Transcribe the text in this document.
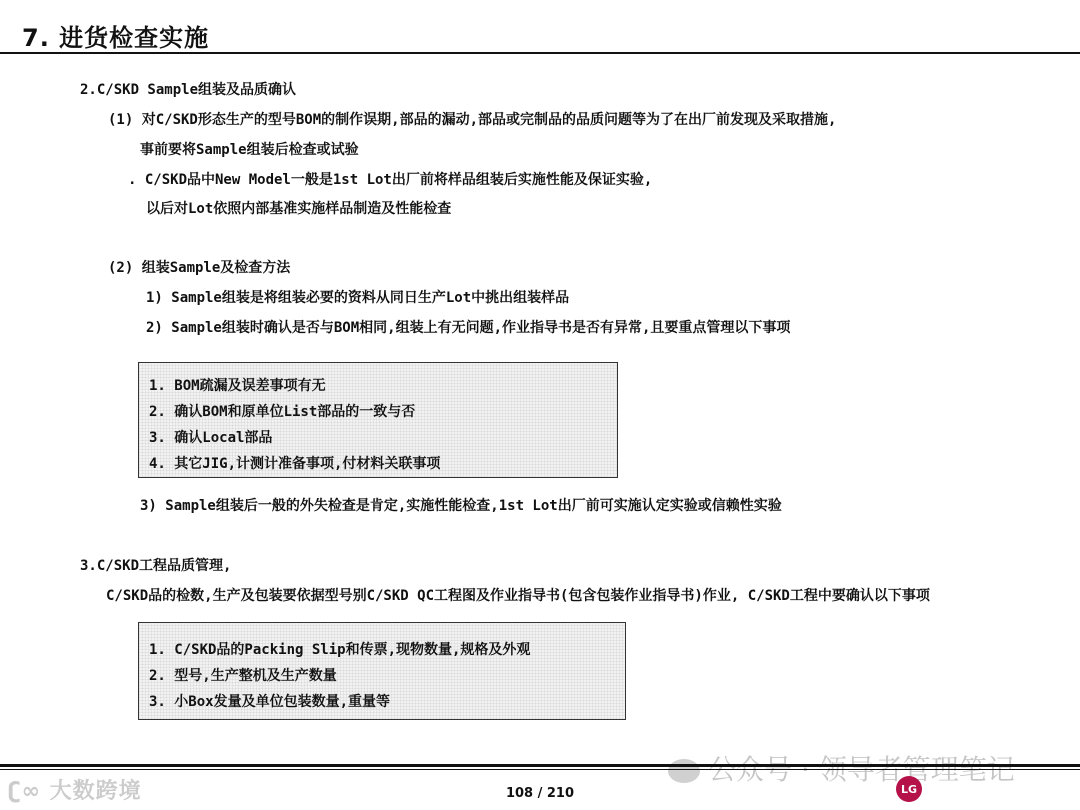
7. 进货检查实施
2.C/SKD Sample组装及品质确认
(1) 对C/SKD形态生产的型号BOM的制作误期,部品的漏动,部品或完制品的品质问题等为了在出厂前发现及采取措施,
事前要将Sample组装后检查或试验
. C/SKD品中New Model一般是1st Lot出厂前将样品组装后实施性能及保证实验,
以后对Lot依照内部基准实施样品制造及性能检查
(2) 组装Sample及检查方法
1) Sample组装是将组装必要的资料从同日生产Lot中挑出组装样品
2) Sample组装时确认是否与BOM相同,组装上有无问题,作业指导书是否有异常,且要重点管理以下事项
1. BOM疏漏及误差事项有无
2. 确认BOM和原单位List部品的一致与否
3. 确认Local部品
4. 其它JIG,计测计准备事项,付材料关联事项
3) Sample组装后一般的外失检查是肯定,实施性能检查,1st Lot出厂前可实施认定实验或信赖性实验
3.C/SKD工程品质管理,
C/SKD品的检数,生产及包装要依据型号别C/SKD QC工程图及作业指导书(包含包装作业指导书)作业, C/SKD工程中要确认以下事项
1. C/SKD品的Packing Slip和传票,现物数量,规格及外观
2. 型号,生产整机及生产数量
3. 小Box发量及单位包装数量,重量等
ʗ∞ 大数跨境	108 / 210	LG
